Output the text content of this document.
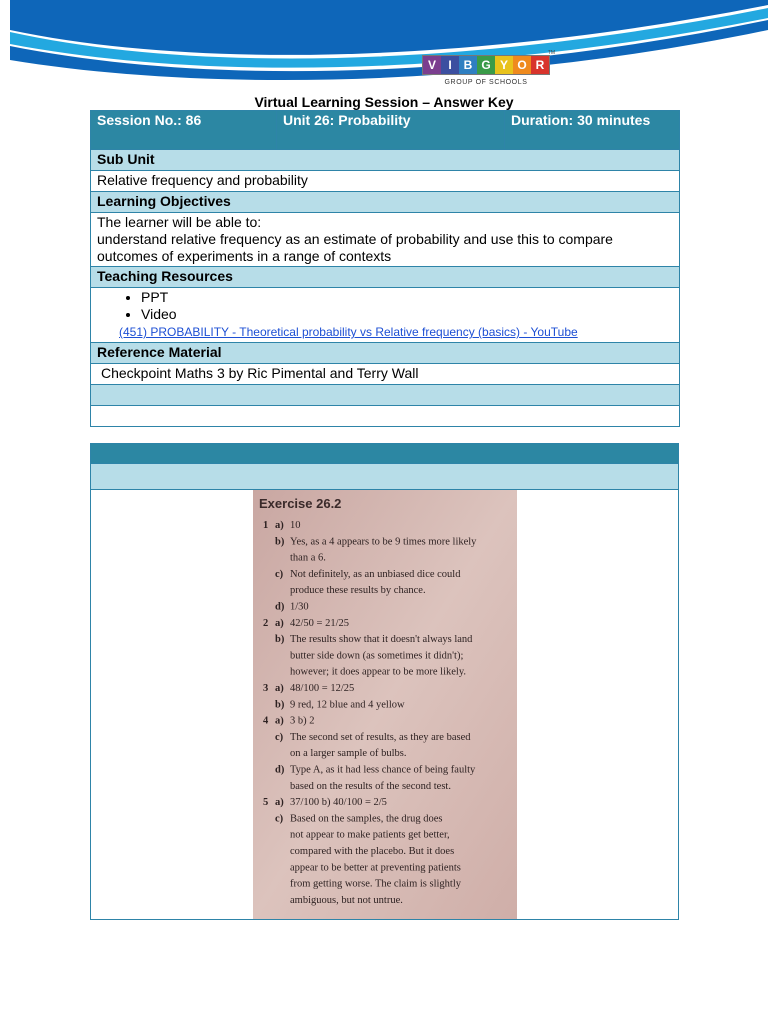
V	I B G Y O R
GROUP OF SCHOOLS
TM
Virtual Learning Session – Answer Key
Session No.: 86	Unit 26: Probability	Duration: 30 minutes
Sub Unit
Relative frequency and probability
Learning Objectives

The learner will be able to:
understand relative frequency as an estimate of probability and use this to compare outcomes of experiments in a range of contexts

Teaching Resources

• PPT
• Video
(451) PROBABILITY - Theoretical probability vs Relative frequency (basics) - YouTube

Reference Material
Checkpoint Maths 3 by Ric Pimental and Terry Wall

Exercise 26.2
1 a) 10
b) Yes, as a 4 appears to be 9 times more likely
than a 6.
c) Not definitely, as an unbiased dice could
produce these results by chance.
d) 1/30
2 a) 42/50 = 21/25
b) The results show that it doesn't always land
butter side down (as sometimes it didn't);
however; it does appear to be more likely.
3 a) 48/100 = 12/25
b) 9 red, 12 blue and 4 yellow
4 a) 3 b) 2
c) The second set of results, as they are based
on a larger sample of bulbs.
d) Type A, as it had less chance of being faulty
based on the results of the second test.
5 a) 37/100 b) 40/100 = 2/5
c) Based on the samples, the drug does
not appear to make patients get better,
compared with the placebo. But it does
appear to be better at preventing patients
from getting worse. The claim is slightly
ambiguous, but not untrue.
